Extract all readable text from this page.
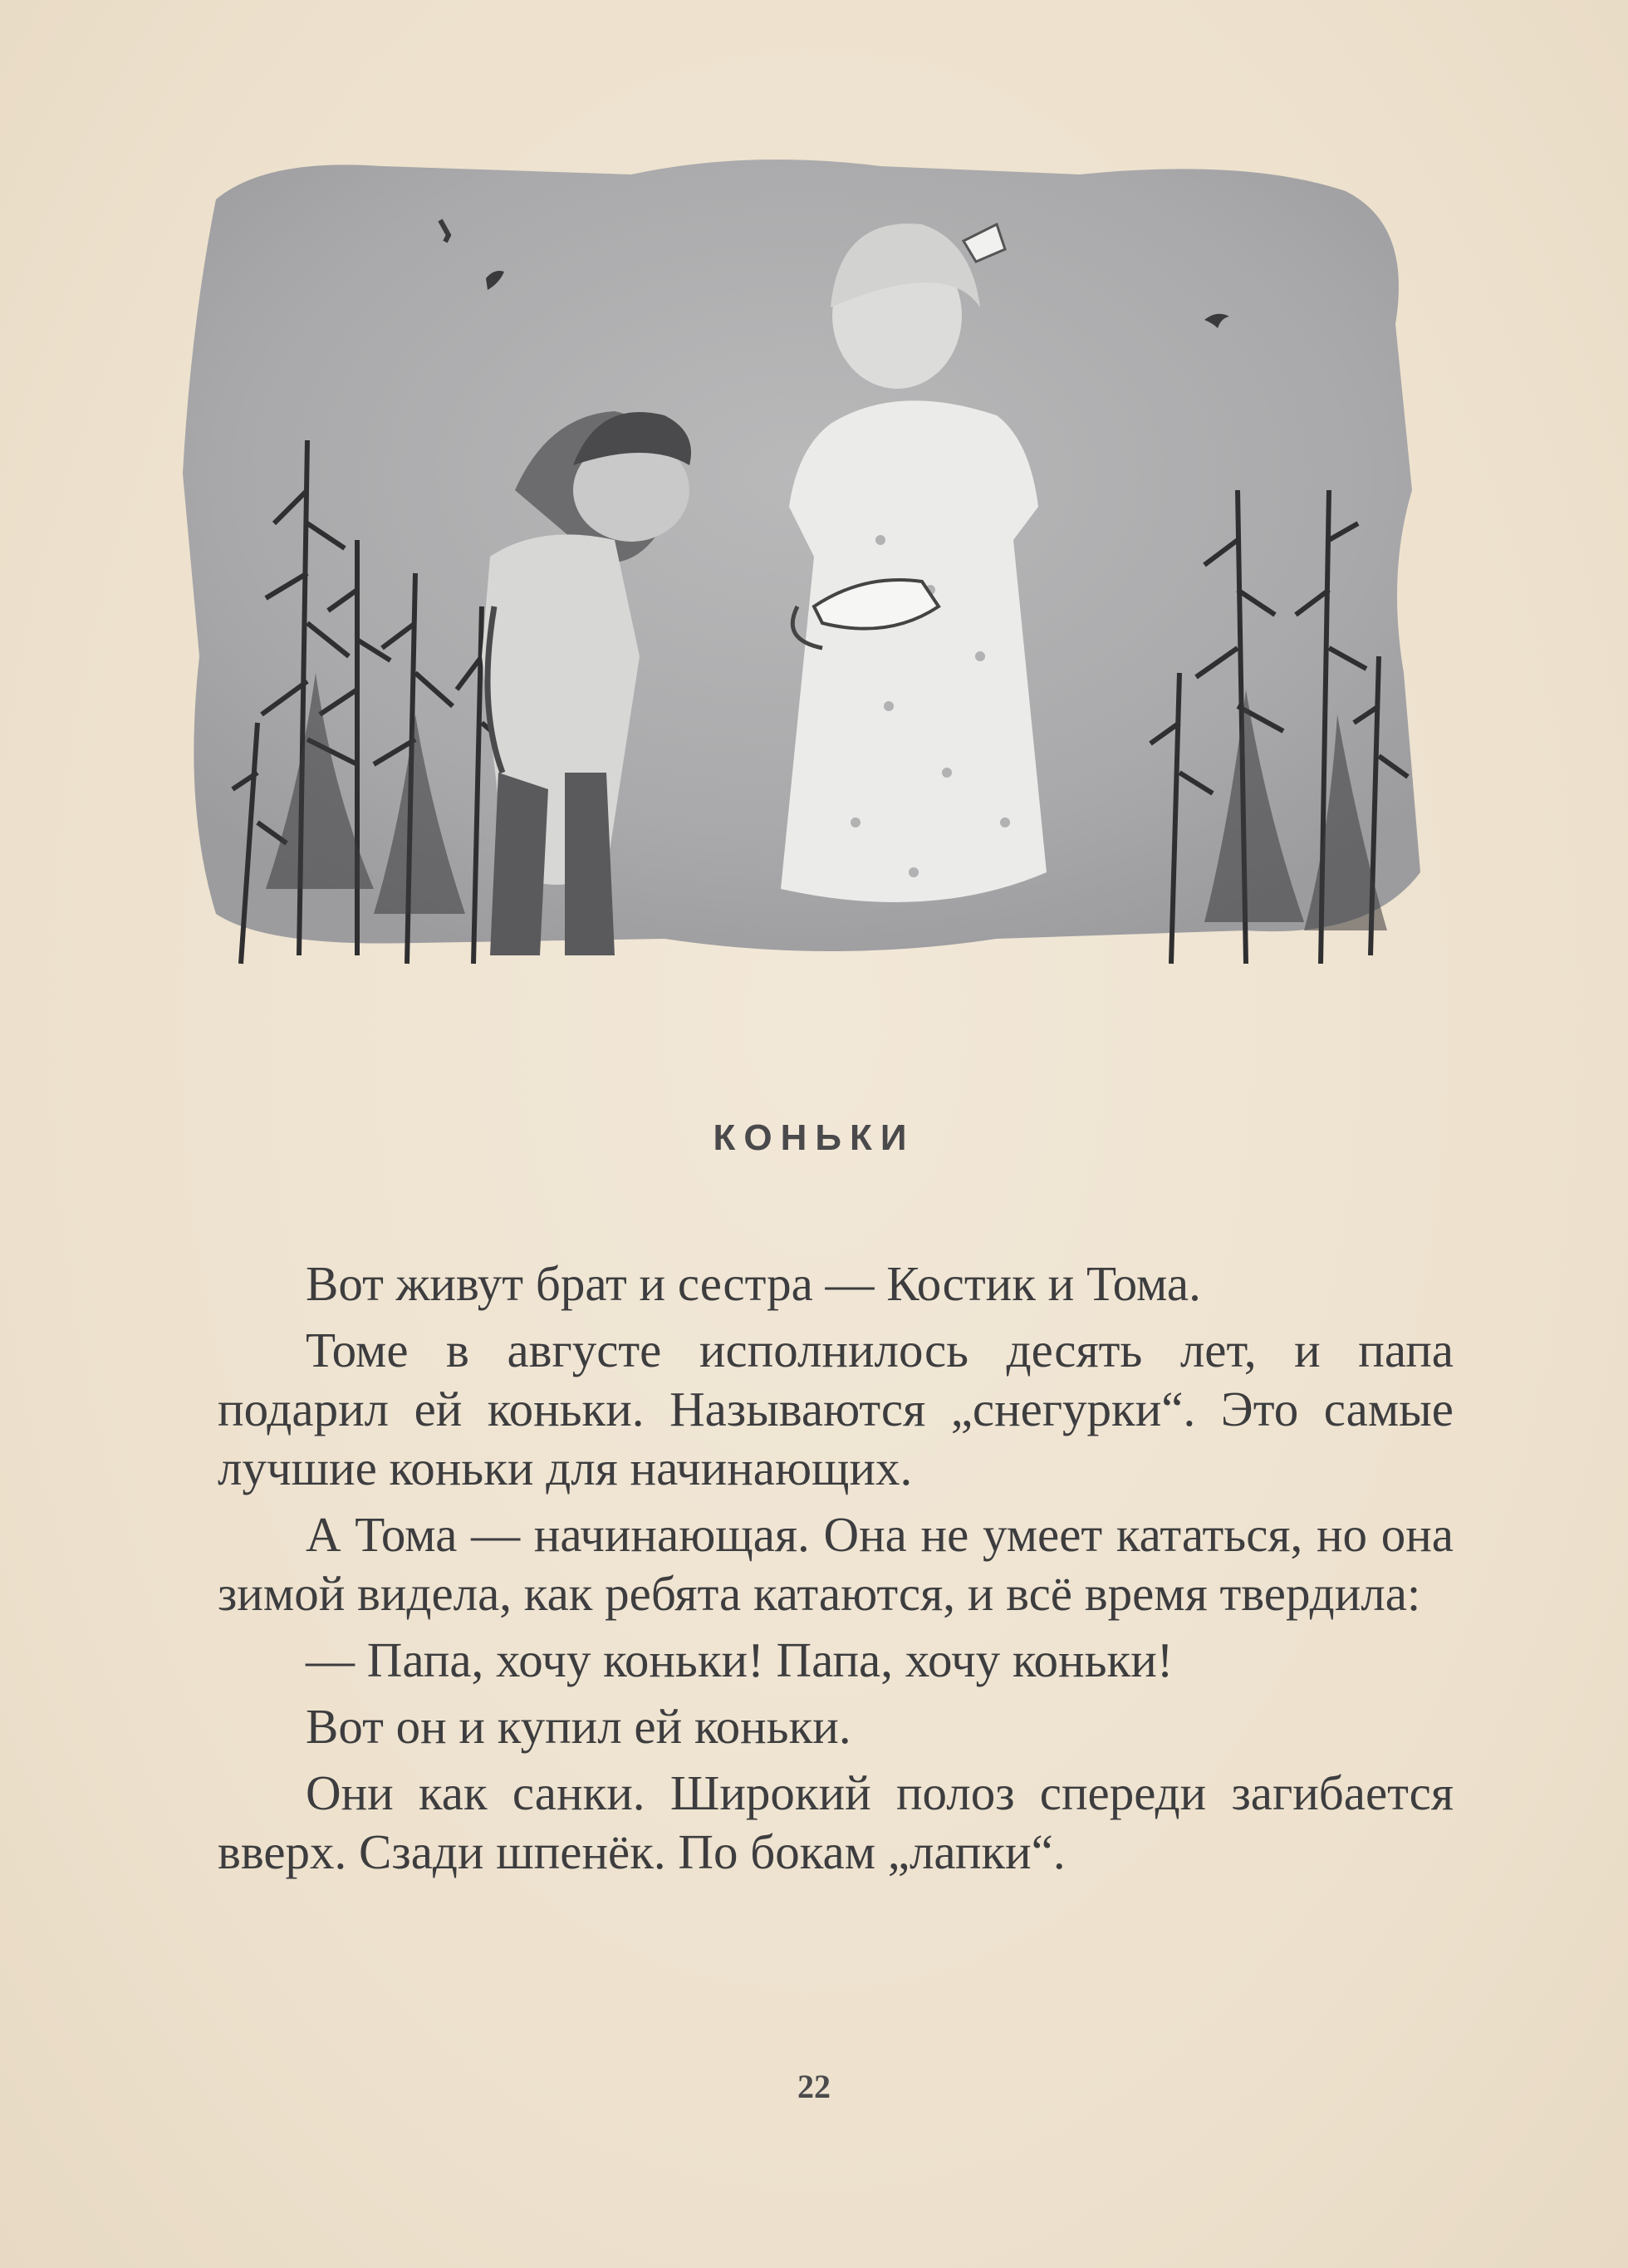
КОНЬКИ

Вот живут брат и сестра — Костик и Тома.

Томе в августе исполнилось десять лет, и папа подарил ей коньки. Называются „снегурки“. Это самые лучшие коньки для начинающих.

А Тома — начинающая. Она не умеет кататься, но она зимой видела, как ребята катаются, и всё время твердила:

— Папа, хочу коньки! Папа, хочу коньки!

Вот он и купил ей коньки.

Они как санки. Широкий полоз спереди загибается вверх. Сзади шпенёк. По бокам „лапки“.

22
